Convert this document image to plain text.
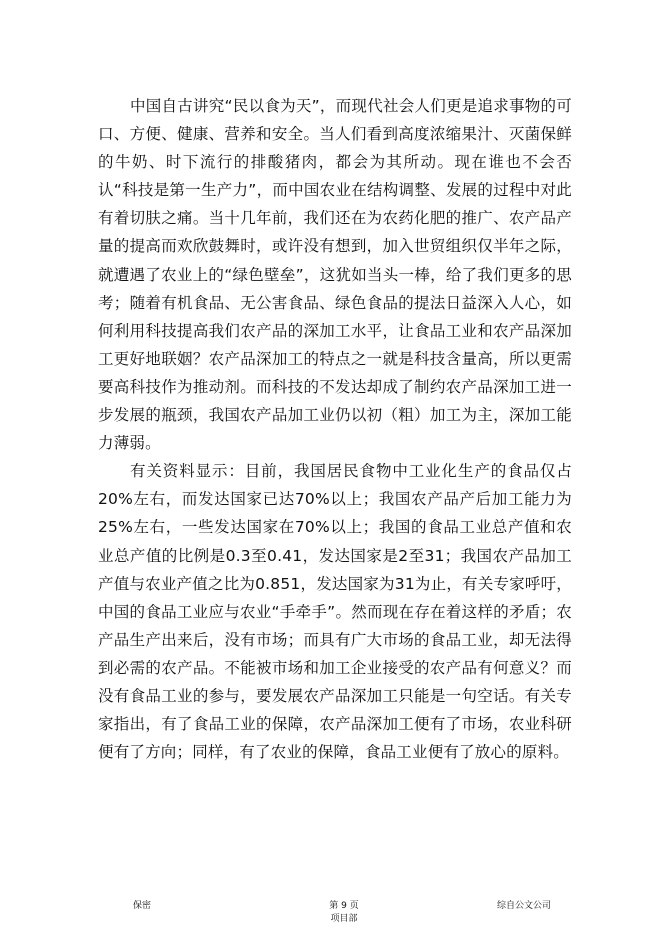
中国自古讲究“民以食为天”，而现代社会人们更是追求事物的可口、方便、健康、营养和安全。当人们看到高度浓缩果汁、灭菌保鲜的牛奶、时下流行的排酸猪肉，都会为其所动。现在谁也不会否认“科技是第一生产力”，而中国农业在结构调整、发展的过程中对此有着切肤之痛。当十几年前，我们还在为农药化肥的推广、农产品产量的提高而欢欣鼓舞时，或许没有想到，加入世贸组织仅半年之际，就遭遇了农业上的“绿色壁垒”，这犹如当头一棒，给了我们更多的思考；随着有机食品、无公害食品、绿色食品的提法日益深入人心，如何利用科技提高我们农产品的深加工水平，让食品工业和农产品深加工更好地联姻？农产品深加工的特点之一就是科技含量高，所以更需要高科技作为推动剂。而科技的不发达却成了制约农产品深加工进一步发展的瓶颈，我国农产品加工业仍以初（粗）加工为主，深加工能力薄弱。

有关资料显示：目前，我国居民食物中工业化生产的食品仅占20%左右，而发达国家已达70%以上；我国农产品产后加工能力为25%左右，一些发达国家在70%以上；我国的食品工业总产值和农业总产值的比例是0.3至0.41，发达国家是2至31；我国农产品加工产值与农业产值之比为0.851，发达国家为31为止，有关专家呼吁，中国的食品工业应与农业“手牵手”。然而现在存在着这样的矛盾；农产品生产出来后，没有市场；而具有广大市场的食品工业，却无法得到必需的农产品。不能被市场和加工企业接受的农产品有何意义？而没有食品工业的参与，要发展农产品深加工只能是一句空话。有关专家指出，有了食品工业的保障，农产品深加工便有了市场，农业科研便有了方向；同样，有了农业的保障，食品工业便有了放心的原料。

保密	第 9 页	综自公文公司
项目部
